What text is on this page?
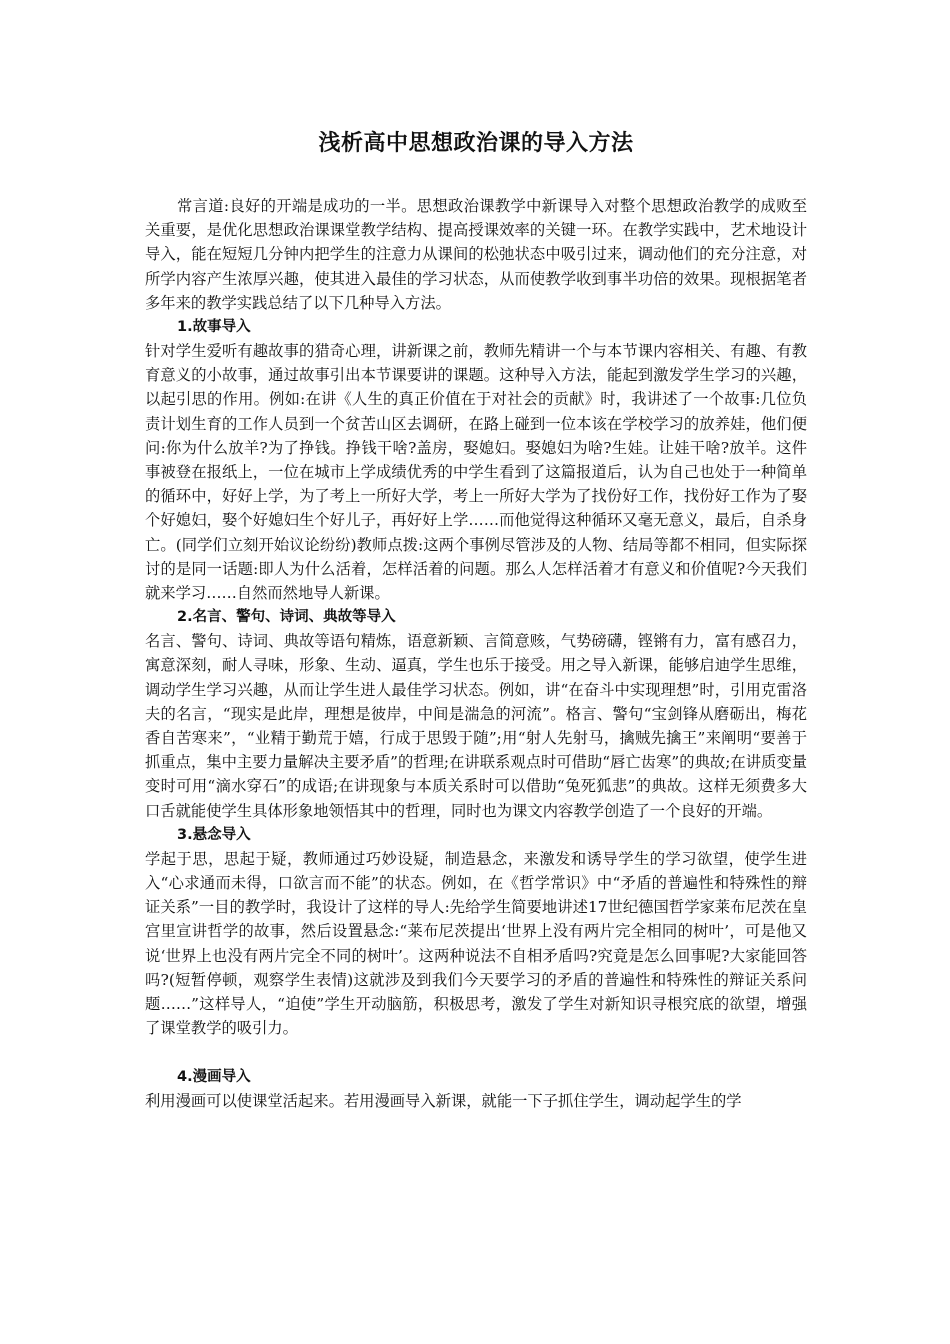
浅析高中思想政治课的导入方法

常言道:良好的开端是成功的一半。思想政治课教学中新课导入对整个思想政治教学的成败至关重要，是优化思想政治课课堂教学结构、提高授课效率的关键一环。在教学实践中，艺术地设计导入，能在短短几分钟内把学生的注意力从课间的松弛状态中吸引过来，调动他们的充分注意，对所学内容产生浓厚兴趣，使其进入最佳的学习状态，从而使教学收到事半功倍的效果。现根据笔者多年来的教学实践总结了以下几种导入方法。

1.故事导入

针对学生爱听有趣故事的猎奇心理，讲新课之前，教师先精讲一个与本节课内容相关、有趣、有教育意义的小故事，通过故事引出本节课要讲的课题。这种导入方法，能起到激发学生学习的兴趣，以起引思的作用。例如:在讲《人生的真正价值在于对社会的贡献》时，我讲述了一个故事:几位负责计划生育的工作人员到一个贫苦山区去调研，在路上碰到一位本该在学校学习的放养娃，他们便问:你为什么放羊?为了挣钱。挣钱干啥?盖房，娶媳妇。娶媳妇为啥?生娃。让娃干啥?放羊。这件事被登在报纸上，一位在城市上学成绩优秀的中学生看到了这篇报道后，认为自己也处于一种简单的循环中，好好上学，为了考上一所好大学，考上一所好大学为了找份好工作，找份好工作为了娶个好媳妇，娶个好媳妇生个好儿子，再好好上学……而他觉得这种循环又毫无意义，最后，自杀身亡。(同学们立刻开始议论纷纷)教师点拨:这两个事例尽管涉及的人物、结局等都不相同，但实际探讨的是同一话题:即人为什么活着，怎样活着的问题。那么人怎样活着才有意义和价值呢?今天我们就来学习……自然而然地导人新课。

2.名言、警句、诗词、典故等导入

名言、警句、诗词、典故等语句精炼，语意新颖、言简意赅，气势磅礴，铿锵有力，富有感召力，寓意深刻，耐人寻味，形象、生动、逼真，学生也乐于接受。用之导入新课，能够启迪学生思维，调动学生学习兴趣，从而让学生进人最佳学习状态。例如，讲“在奋斗中实现理想”时，引用克雷洛夫的名言，“现实是此岸，理想是彼岸，中间是湍急的河流”。格言、警句“宝剑锋从磨砺出，梅花香自苦寒来”，“业精于勤荒于嬉，行成于思毁于随”;用“射人先射马，擒贼先擒王”来阐明“要善于抓重点，集中主要力量解决主要矛盾”的哲理;在讲联系观点时可借助“唇亡齿寒”的典故;在讲质变量变时可用“滴水穿石”的成语;在讲现象与本质关系时可以借助“兔死狐悲”的典故。这样无须费多大口舌就能使学生具体形象地领悟其中的哲理，同时也为课文内容教学创造了一个良好的开端。

3.悬念导入

学起于思，思起于疑，教师通过巧妙设疑，制造悬念，来激发和诱导学生的学习欲望，使学生进入“心求通而未得，口欲言而不能”的状态。例如，在《哲学常识》中“矛盾的普遍性和特殊性的辩证关系”一目的教学时，我设计了这样的导人:先给学生简要地讲述17世纪德国哲学家莱布尼茨在皇宫里宣讲哲学的故事，然后设置悬念:“莱布尼茨提出‘世界上没有两片完全相同的树叶’，可是他又说‘世界上也没有两片完全不同的树叶’。这两种说法不自相矛盾吗?究竟是怎么回事呢?大家能回答吗?(短暂停顿，观察学生表情)这就涉及到我们今天要学习的矛盾的普遍性和特殊性的辩证关系问题……”这样导人，“迫使”学生开动脑筋，积极思考，激发了学生对新知识寻根究底的欲望，增强了课堂教学的吸引力。

4.漫画导入

利用漫画可以使课堂活起来。若用漫画导入新课，就能一下子抓住学生，调动起学生的学
